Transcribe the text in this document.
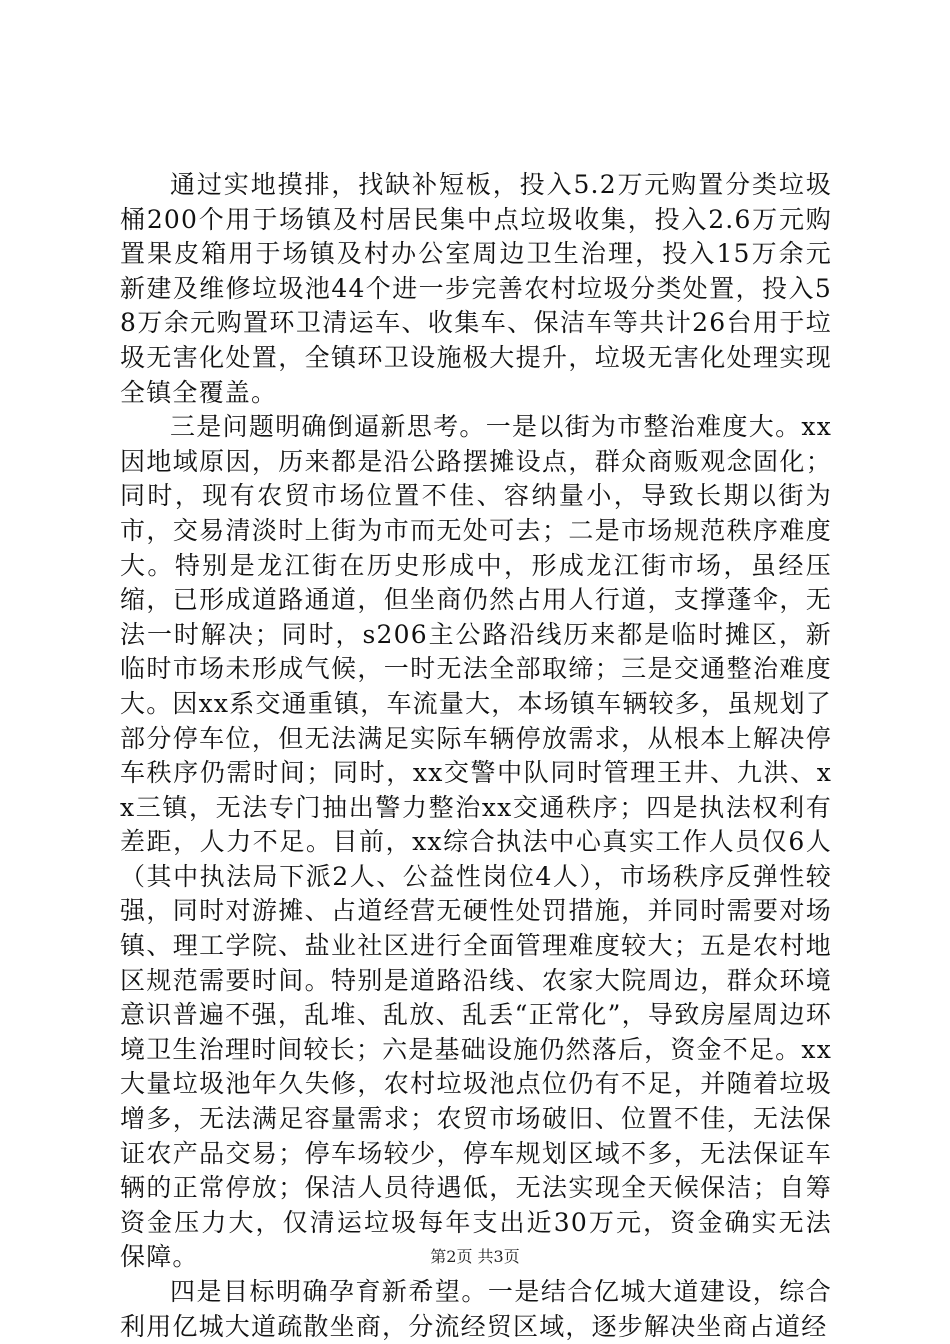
通过实地摸排，找缺补短板，投入5.2万元购置分类垃圾桶200个用于场镇及村居民集中点垃圾收集，投入2.6万元购置果皮箱用于场镇及村办公室周边卫生治理，投入15万余元新建及维修垃圾池44个进一步完善农村垃圾分类处置，投入58万余元购置环卫清运车、收集车、保洁车等共计26台用于垃圾无害化处置，全镇环卫设施极大提升，垃圾无害化处理实现全镇全覆盖。

三是问题明确倒逼新思考。一是以街为市整治难度大。xx因地域原因，历来都是沿公路摆摊设点，群众商贩观念固化；同时，现有农贸市场位置不佳、容纳量小，导致长期以街为市，交易清淡时上街为市而无处可去；二是市场规范秩序难度大。特别是龙江街在历史形成中，形成龙江街市场，虽经压缩，已形成道路通道，但坐商仍然占用人行道，支撑蓬伞，无法一时解决；同时，s206主公路沿线历来都是临时摊区，新临时市场未形成气候，一时无法全部取缔；三是交通整治难度大。因xx系交通重镇，车流量大，本场镇车辆较多，虽规划了部分停车位，但无法满足实际车辆停放需求，从根本上解决停车秩序仍需时间；同时，xx交警中队同时管理王井、九洪、xx三镇，无法专门抽出警力整治xx交通秩序；四是执法权利有差距，人力不足。目前，xx综合执法中心真实工作人员仅6人（其中执法局下派2人、公益性岗位4人），市场秩序反弹性较强，同时对游摊、占道经营无硬性处罚措施，并同时需要对场镇、理工学院、盐业社区进行全面管理难度较大；五是农村地区规范需要时间。特别是道路沿线、农家大院周边，群众环境意识普遍不强，乱堆、乱放、乱丢“正常化”，导致房屋周边环境卫生治理时间较长；六是基础设施仍然落后，资金不足。xx大量垃圾池年久失修，农村垃圾池点位仍有不足，并随着垃圾增多，无法满足容量需求；农贸市场破旧、位置不佳，无法保证农产品交易；停车场较少，停车规划区域不多，无法保证车辆的正常停放；保洁人员待遇低，无法实现全天候保洁；自筹资金压力大，仅清运垃圾每年支出近30万元，资金确实无法保障。

四是目标明确孕育新希望。一是结合亿城大道建设，综合利用亿城大道疏散坐商，分流经贸区域，逐步解决坐商占道经

第2页 共3页
